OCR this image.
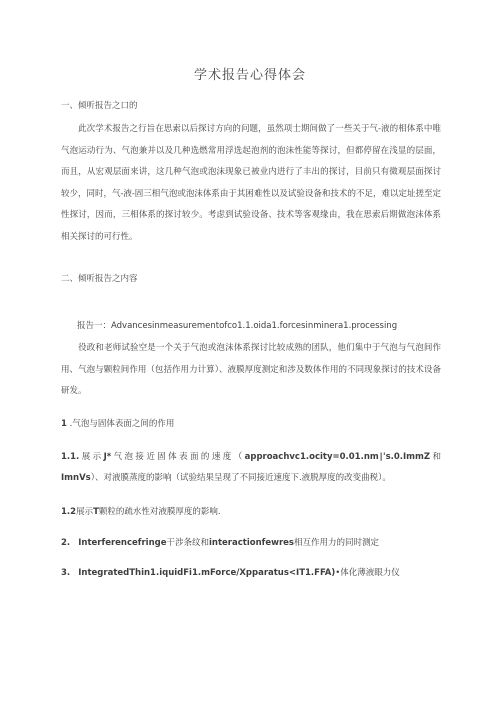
学术报告心得体会
一、倾听报告之口的
此次学术报告之行旨在思索以后探讨方向的问题，虽然项士期间做了一些关于气-液的相体系中唯气泡运动行为、气泡兼并以及几种选燃常用浮选起泡剂的泡沫性能等探讨，但都停留在浅显的层面，而且，从宏观层面来讲，这几种气泡或泡沫现象已被业内进行了丰出的探讨，目前只有微观层面探讨较少，同时，气-液-固三相气泡或泡沫体系由于其困难性以及试验设备和技术的不足，难以定址搓至定性探讨，因而，三相体系的探讨较少。考虑到试验设备、技术等客观缘由，我在思索后期做泡沫体系相关探讨的可行性。
二、倾听报告之内容
报告一：Advancesinmeasurementofco1.1.oida1.forcesinminera1.processing
役政和老师试验空是一个关于气泡或泡沫体系探讨比较成熟的团队，他们集中于气泡与气泡间作用、气泡与颗粒间作用（包括作用力计算）、液膜厚度测定和涉及数体作用的不同现象探讨的技术设备研发。
1 .气泡与固体表面之间的作用
1.1.展示J*气泡接近固体表面的速度（approachvc1.ocity=0.01.nm∣'s.0.ImmZ和ImnVs）、对液膜蒸度的影响（试验结果呈现了不同接近速度下.液脱厚度的改变曲税）。
1.2展示T颗粒的疏水性对液膜厚度的影响.
2. Interferencefringe干涉条纹和interactionfewres相互作用力的同时测定
3. IntegratedThin1.iquidFi1.mForce/Xpparatus<IT1.FFA)•体化薄液眼力仪
